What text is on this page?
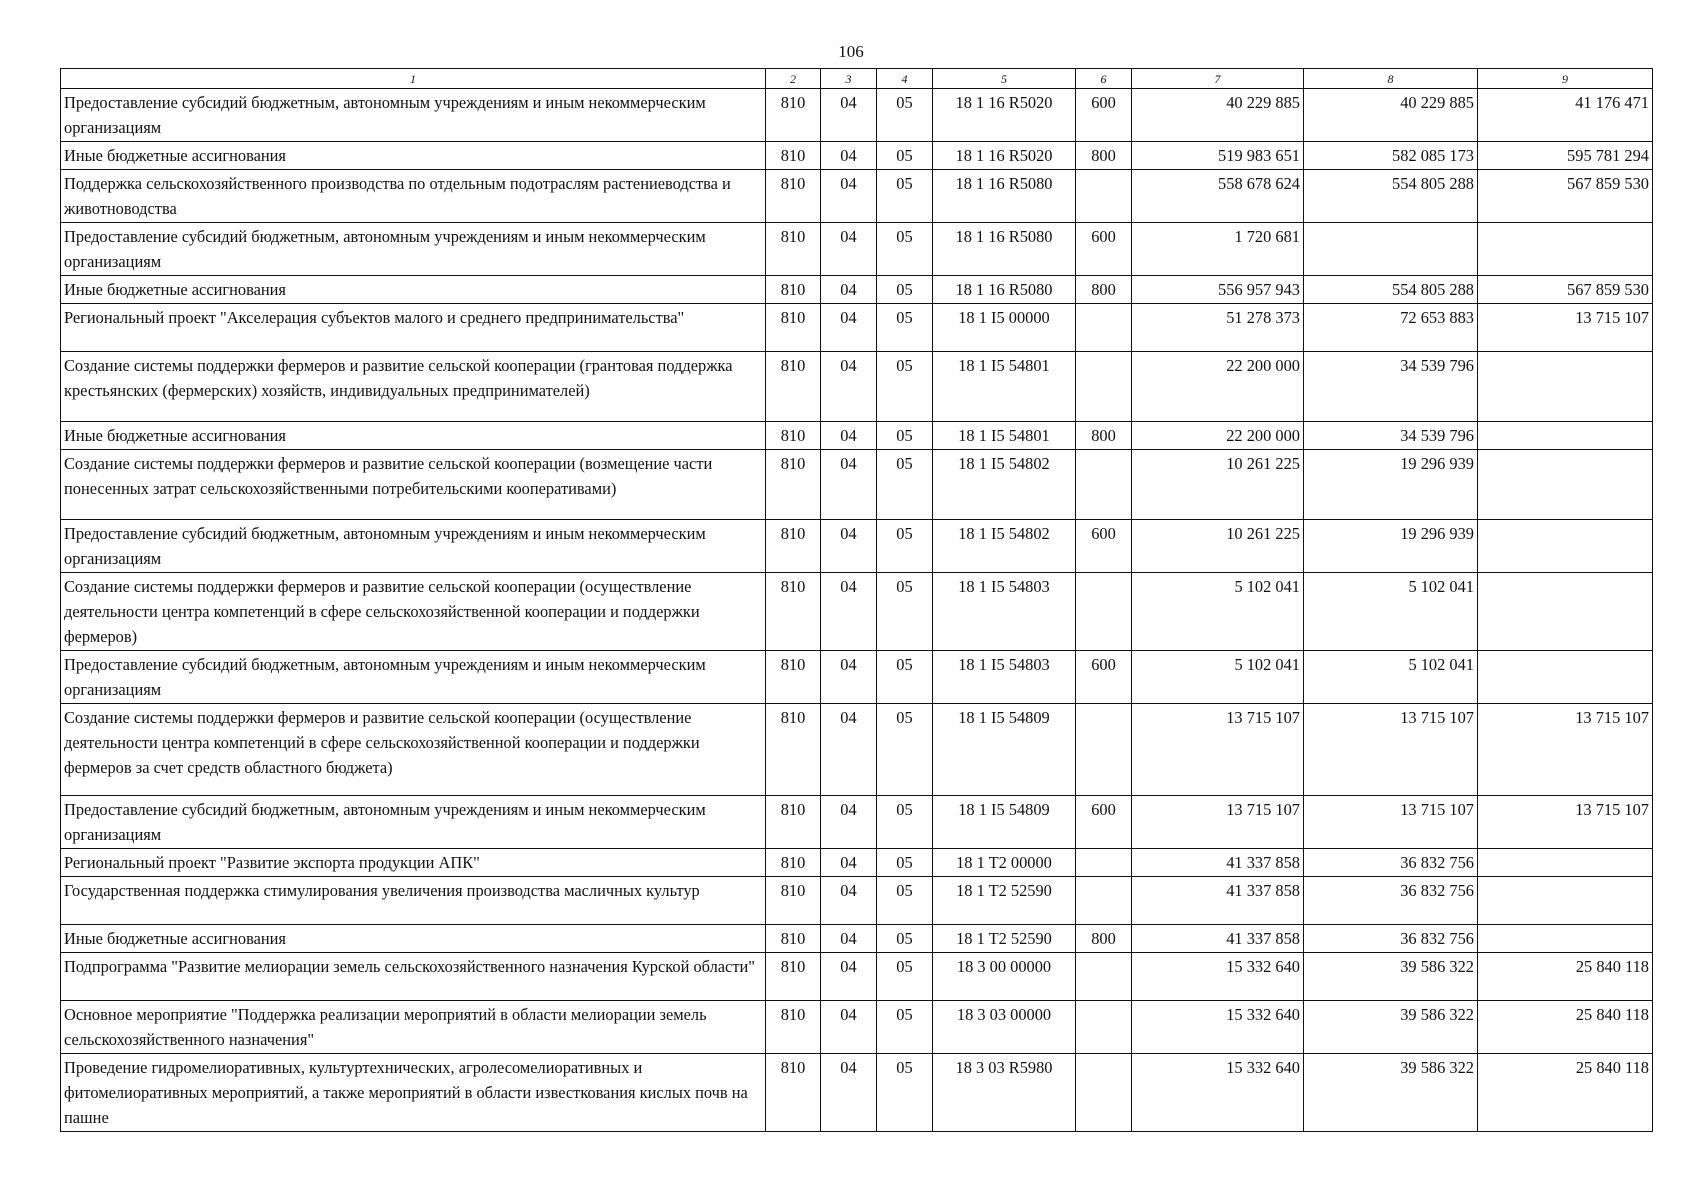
106
1	2	3	4	5	6	7	8	9
Предоставление субсидий бюджетным, автономным учреждениям и иным некоммерческим организациям	810	04	05	18 1 16 R5020	600	40 229 885	40 229 885	41 176 471
Иные бюджетные ассигнования	810	04	05	18 1 16 R5020	800	519 983 651	582 085 173	595 781 294
Поддержка сельскохозяйственного производства по отдельным подотраслям растениеводства и животноводства	810	04	05	18 1 16 R5080		558 678 624	554 805 288	567 859 530
Предоставление субсидий бюджетным, автономным учреждениям и иным некоммерческим организациям	810	04	05	18 1 16 R5080	600	1 720 681		
Иные бюджетные ассигнования	810	04	05	18 1 16 R5080	800	556 957 943	554 805 288	567 859 530
Региональный проект "Акселерация субъектов малого и среднего предпринимательства"	810	04	05	18 1 I5 00000		51 278 373	72 653 883	13 715 107
Создание системы поддержки фермеров и развитие сельской кооперации (грантовая поддержка крестьянских (фермерских) хозяйств, индивидуальных предпринимателей)	810	04	05	18 1 I5 54801		22 200 000	34 539 796	
Иные бюджетные ассигнования	810	04	05	18 1 I5 54801	800	22 200 000	34 539 796	
Создание системы поддержки фермеров и развитие сельской кооперации (возмещение части понесенных затрат сельскохозяйственными потребительскими кооперативами)	810	04	05	18 1 I5 54802		10 261 225	19 296 939	
Предоставление субсидий бюджетным, автономным учреждениям и иным некоммерческим организациям	810	04	05	18 1 I5 54802	600	10 261 225	19 296 939	
Создание системы поддержки фермеров и развитие сельской кооперации (осуществление деятельности центра компетенций в сфере сельскохозяйственной кооперации и поддержки фермеров)	810	04	05	18 1 I5 54803		5 102 041	5 102 041	
Предоставление субсидий бюджетным, автономным учреждениям и иным некоммерческим организациям	810	04	05	18 1 I5 54803	600	5 102 041	5 102 041	
Создание системы поддержки фермеров и развитие сельской кооперации (осуществление деятельности центра компетенций в сфере сельскохозяйственной кооперации и поддержки фермеров за счет средств областного бюджета)	810	04	05	18 1 I5 54809		13 715 107	13 715 107	13 715 107
Предоставление субсидий бюджетным, автономным учреждениям и иным некоммерческим организациям	810	04	05	18 1 I5 54809	600	13 715 107	13 715 107	13 715 107
Региональный проект "Развитие экспорта продукции АПК"	810	04	05	18 1 T2 00000		41 337 858	36 832 756	
Государственная поддержка стимулирования увеличения производства масличных культур	810	04	05	18 1 T2 52590		41 337 858	36 832 756	
Иные бюджетные ассигнования	810	04	05	18 1 T2 52590	800	41 337 858	36 832 756	
Подпрограмма "Развитие мелиорации земель сельскохозяйственного назначения Курской области"	810	04	05	18 3 00 00000		15 332 640	39 586 322	25 840 118
Основное мероприятие "Поддержка реализации мероприятий в области мелиорации земель сельскохозяйственного назначения"	810	04	05	18 3 03 00000		15 332 640	39 586 322	25 840 118
Проведение гидромелиоративных, культуртехнических, агролесомелиоративных и фитомелиоративных мероприятий, а также мероприятий в области известкования кислых почв на пашне	810	04	05	18 3 03 R5980		15 332 640	39 586 322	25 840 118
